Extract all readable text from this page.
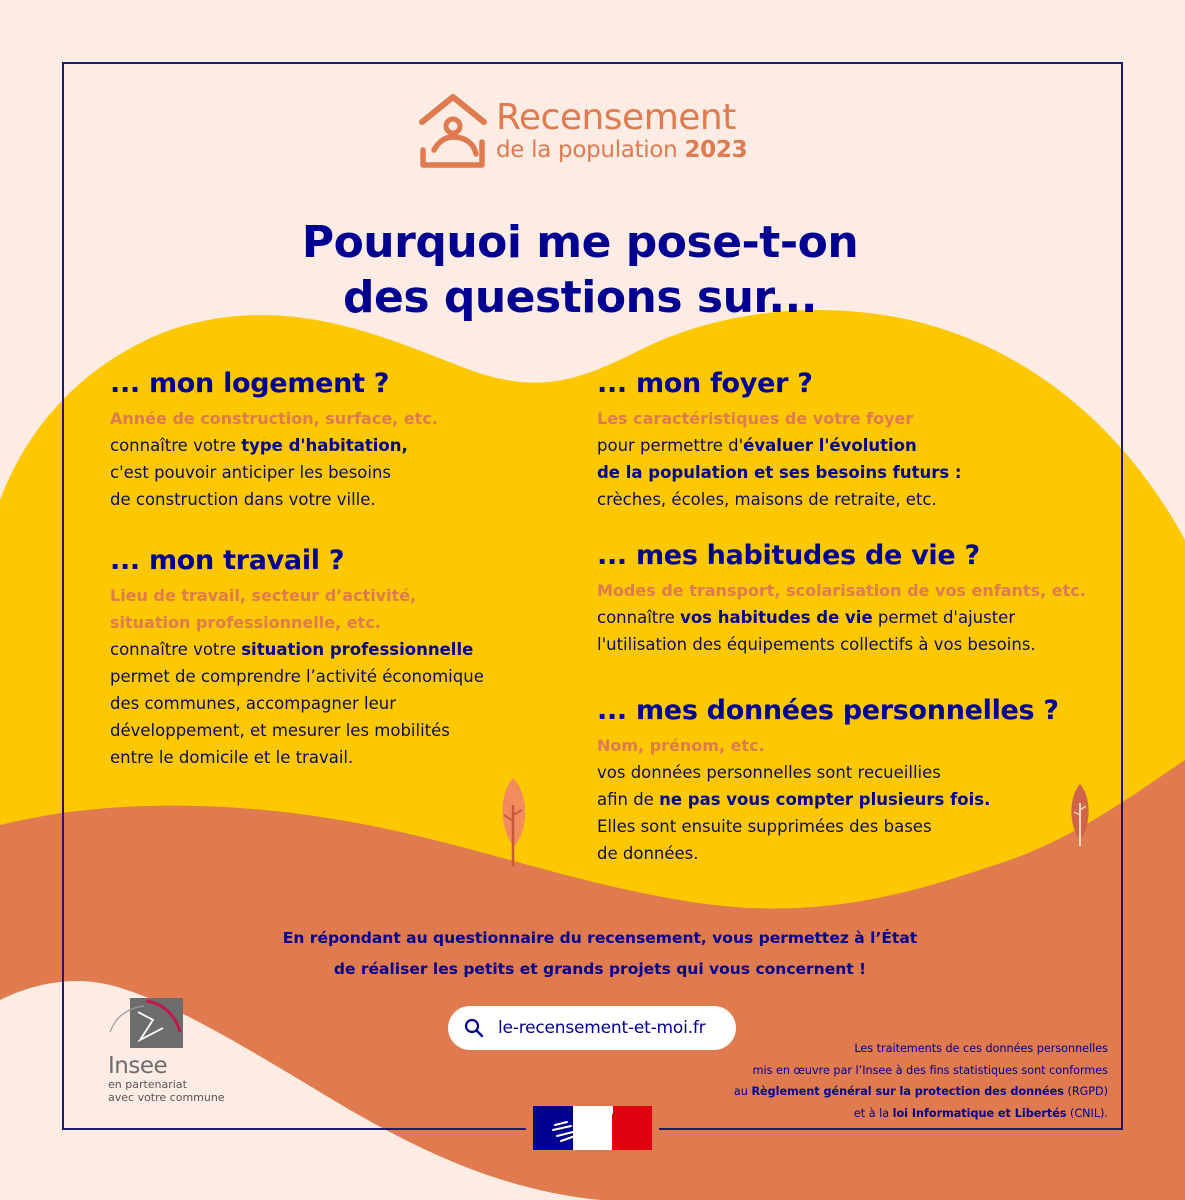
Recensement
de la population 2023
Pourquoi me pose-t-on
des questions sur...
... mon logement ?
Année de construction, surface, etc.
connaître votre type d'habitation,
c'est pouvoir anticiper les besoins
de construction dans votre ville.
... mon travail ?
Lieu de travail, secteur d’activité,
situation professionnelle, etc.
connaître votre situation professionnelle
permet de comprendre l’activité économique
des communes, accompagner leur
développement, et mesurer les mobilités
entre le domicile et le travail.
... mon foyer ?
Les caractéristiques de votre foyer
pour permettre d'évaluer l'évolution
de la population et ses besoins futurs :
crèches, écoles, maisons de retraite, etc.
... mes habitudes de vie ?
Modes de transport, scolarisation de vos enfants, etc.
connaître vos habitudes de vie permet d'ajuster
l'utilisation des équipements collectifs à vos besoins.
... mes données personnelles ?
Nom, prénom, etc.
vos données personnelles sont recueillies
afin de ne pas vous compter plusieurs fois.
Elles sont ensuite supprimées des bases
de données.
En répondant au questionnaire du recensement, vous permettez à l’État
de réaliser les petits et grands projets qui vous concernent !
le-recensement-et-moi.fr
Insee
en partenariat
avec votre commune
Les traitements de ces données personnelles
mis en œuvre par l’Insee à des fins statistiques sont conformes
au Règlement général sur la protection des données (RGPD)
et à la loi Informatique et Libertés (CNIL).
